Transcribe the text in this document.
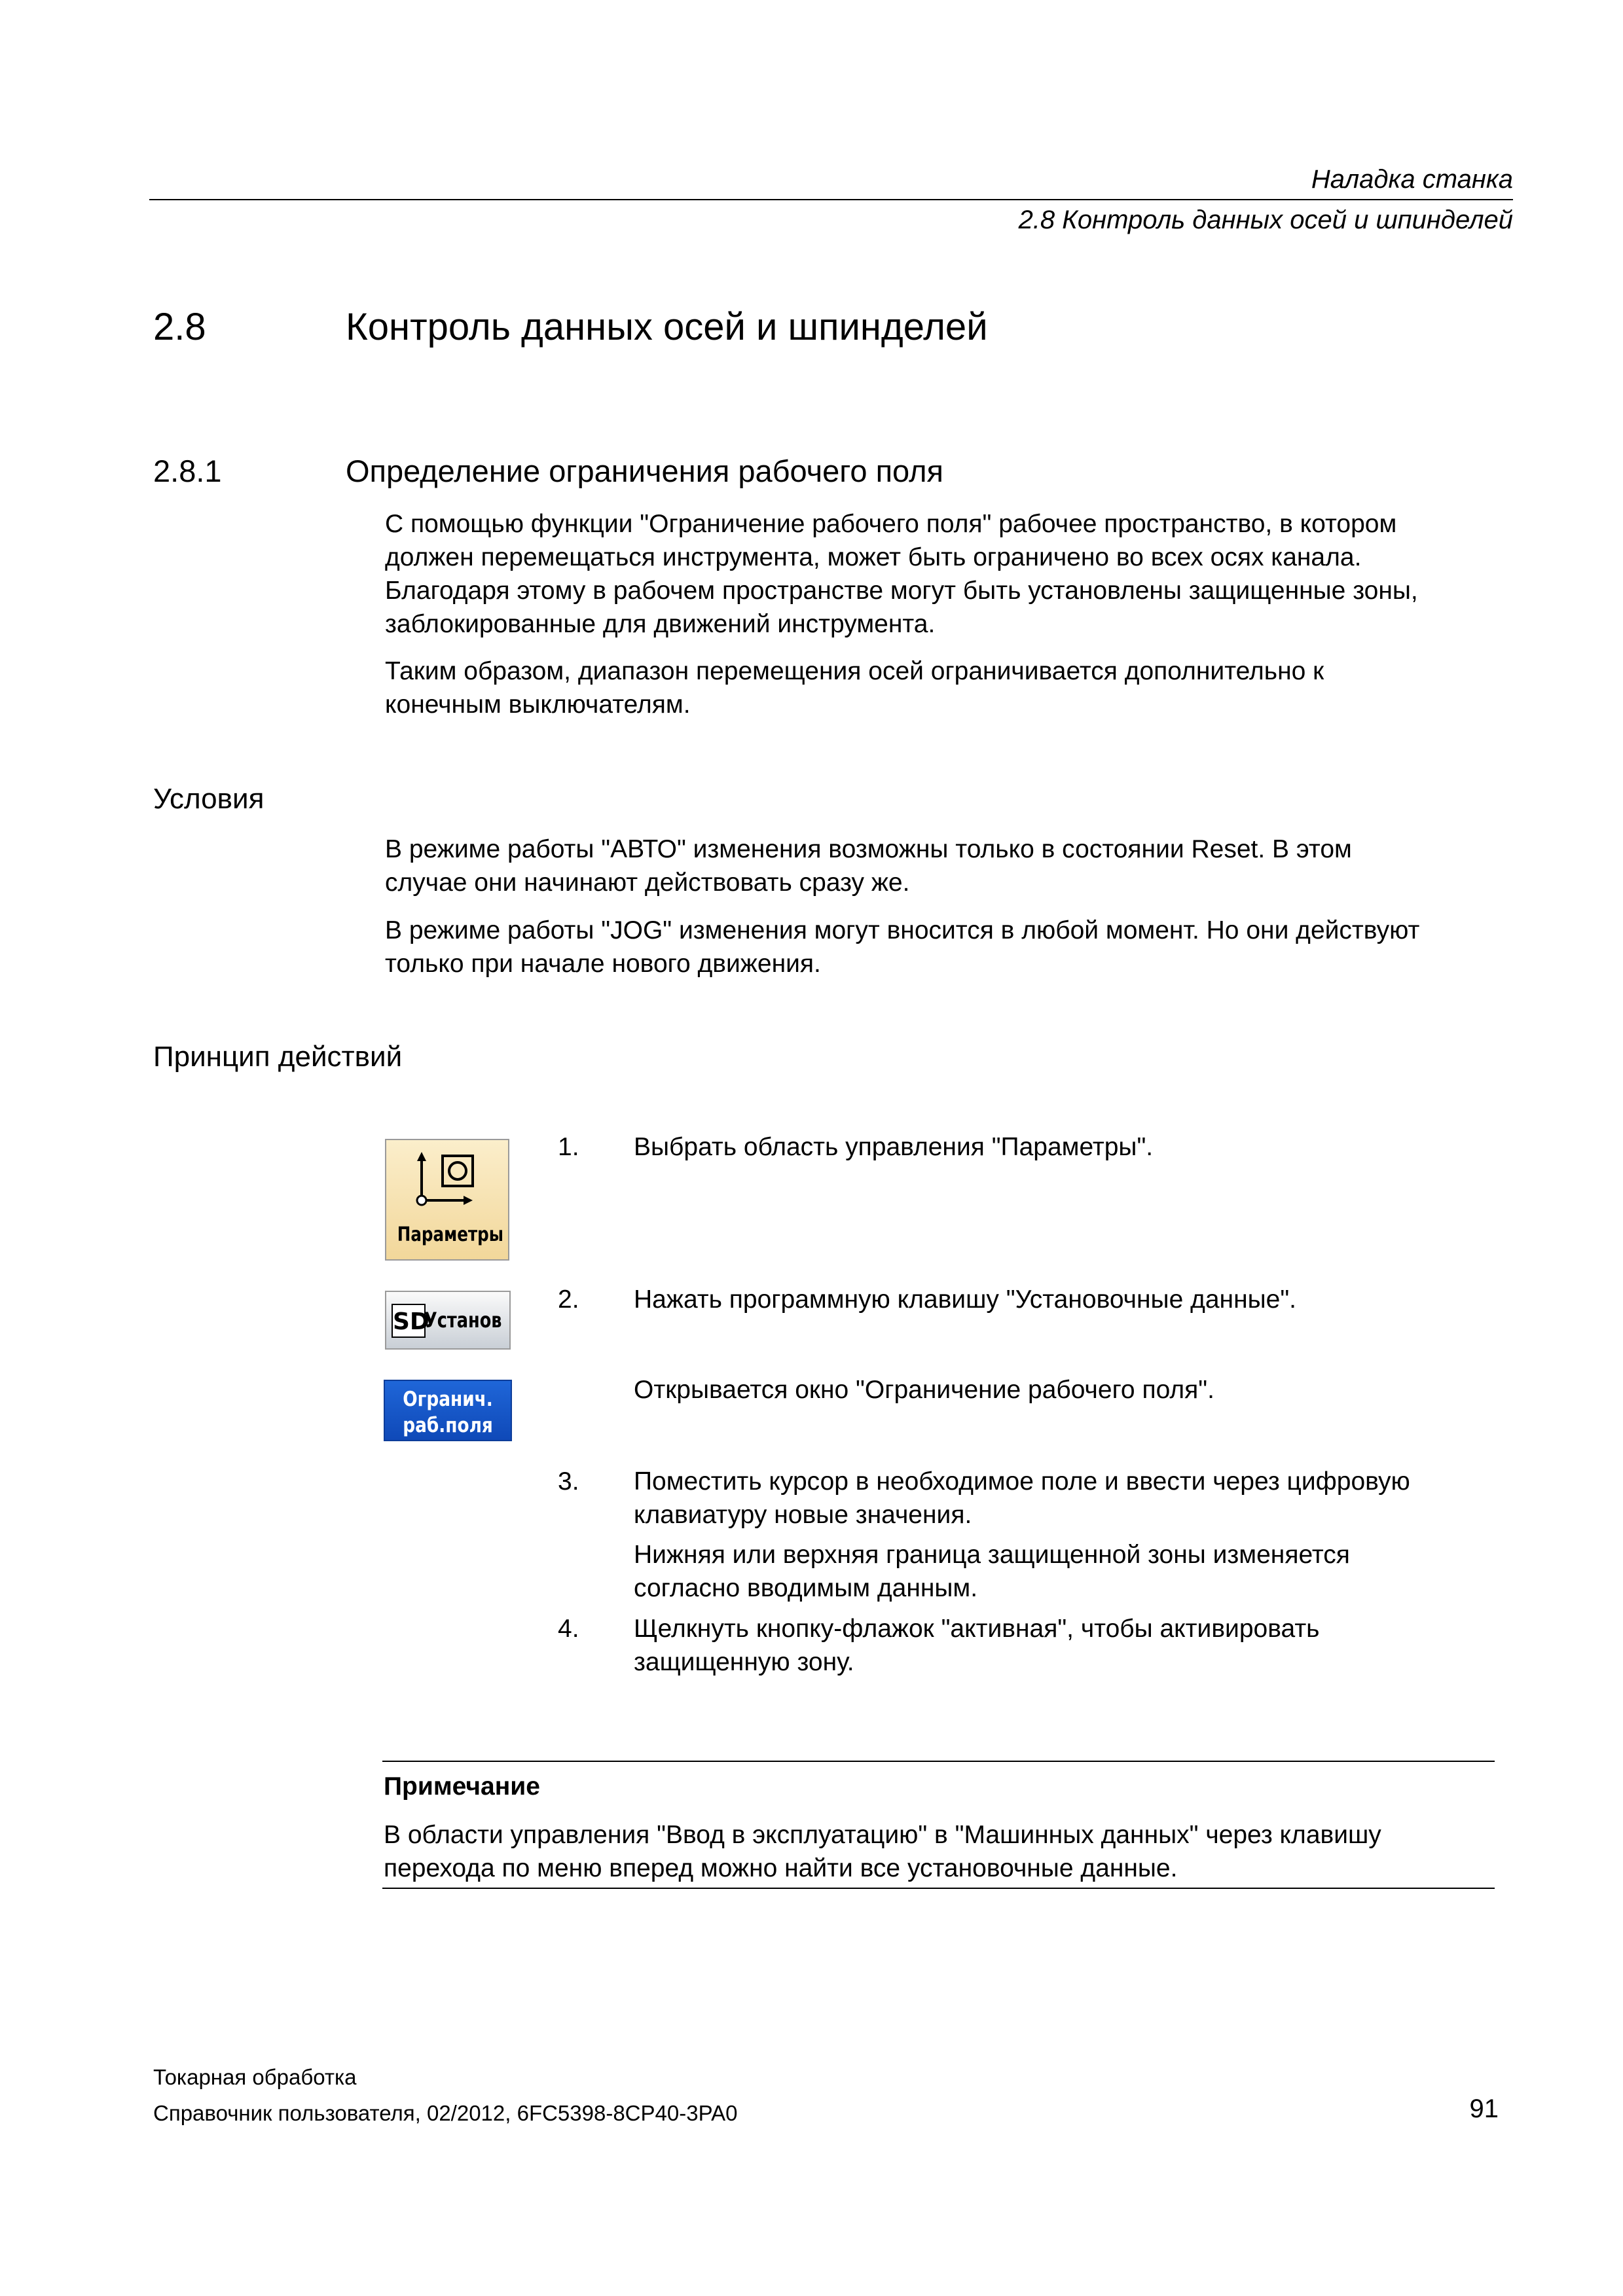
Наладка станка
2.8 Контроль данных осей и шпинделей
2.8	Контроль данных осей и шпинделей
2.8.1	Определение ограничения рабочего поля
С помощью функции "Ограничение рабочего поля" рабочее пространство, в котором
должен перемещаться инструмента, может быть ограничено во всех осях канала.
Благодаря этому в рабочем пространстве могут быть установлены защищенные зоны,
заблокированные для движений инструмента.
Таким образом, диапазон перемещения осей ограничивается дополнительно к
конечным выключателям.
Условия
В режиме работы "АВТО" изменения возможны только в состоянии Reset. В этом
случае они начинают действовать сразу же.
В режиме работы "JOG" изменения могут вносится в любой момент. Но они действуют
только при начале нового движения.
Принцип действий
Параметры
SD
Установ
Огранич.
раб.поля
1. Выбрать область управления "Параметры".
2. Нажать программную клавишу "Установочные данные".
Открывается окно "Ограничение рабочего поля".
3. Поместить курсор в необходимое поле и ввести через цифровую
клавиатуру новые значения.
Нижняя или верхняя граница защищенной зоны изменяется
согласно вводимым данным.
4. Щелкнуть кнопку-флажок "активная", чтобы активировать
защищенную зону.
Примечание
В области управления "Ввод в эксплуатацию" в "Машинных данных" через клавишу
перехода по меню вперед можно найти все установочные данные.
Токарная обработка
Справочник пользователя, 02/2012, 6FC5398-8CP40-3PA0	91
